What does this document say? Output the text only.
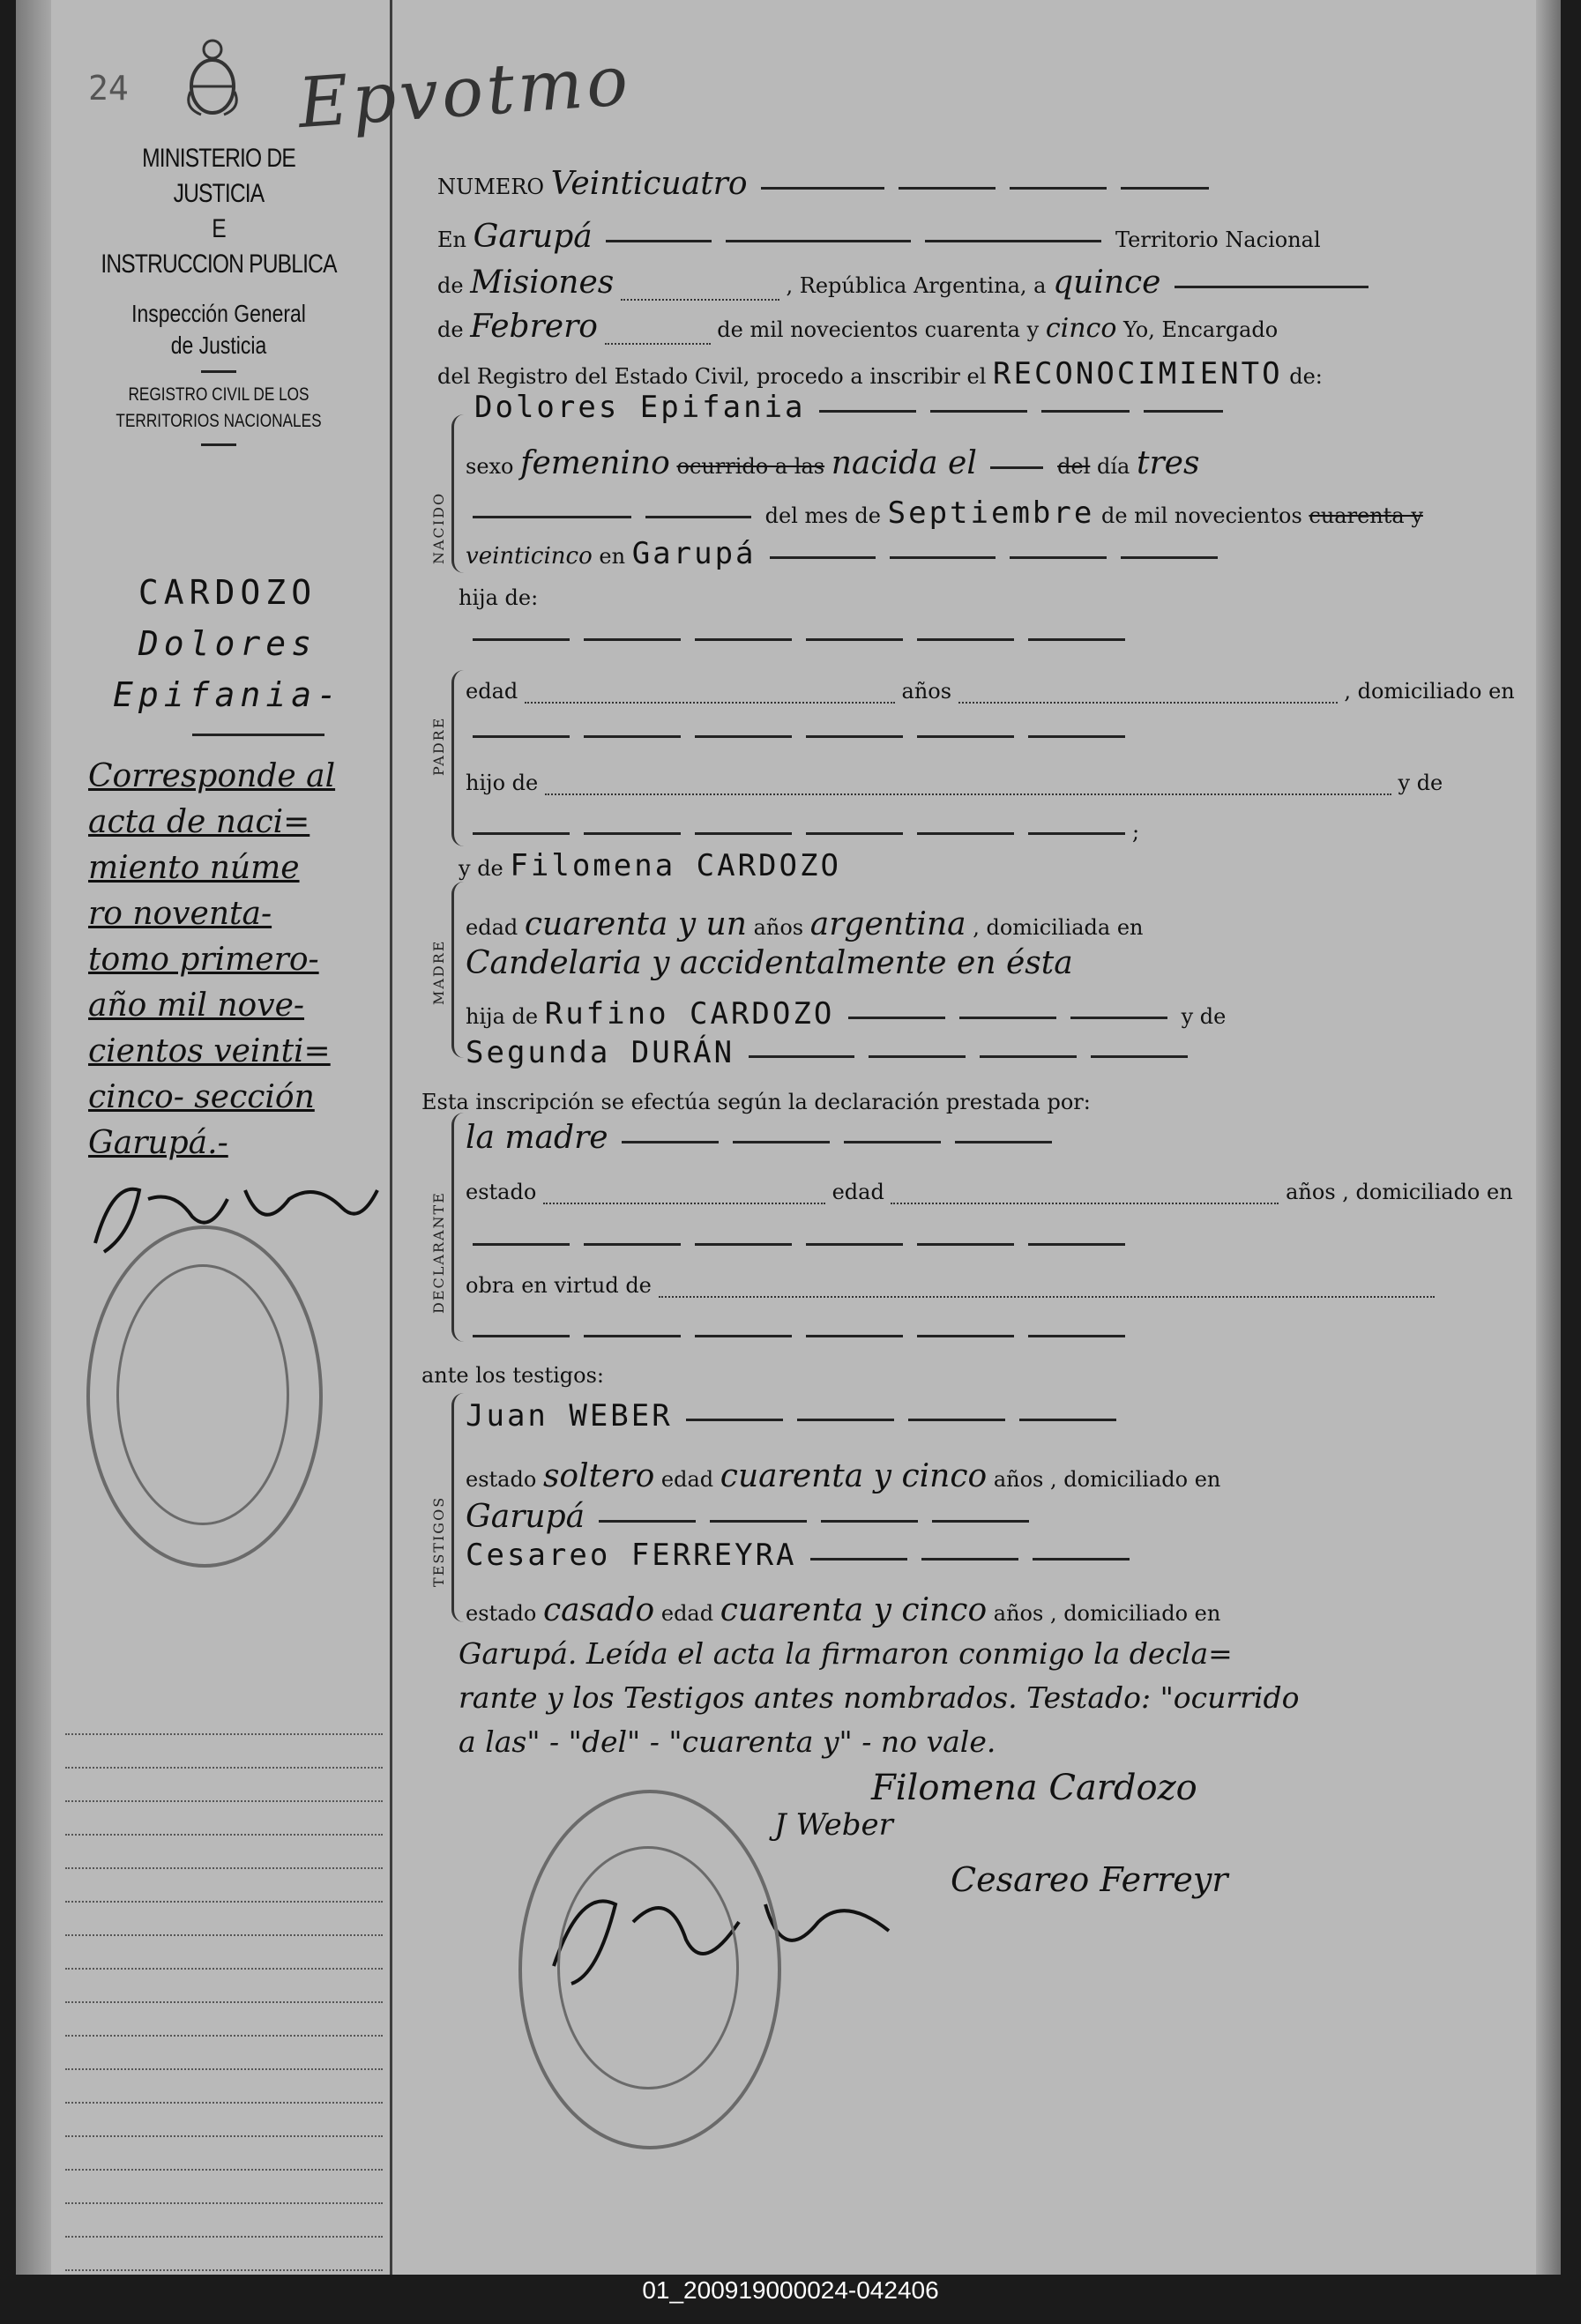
24
MINISTERIO DE JUSTICIA
E
INSTRUCCION PUBLICA
Inspección General
de Justicia
REGISTRO CIVIL DE LOS
TERRITORIOS NACIONALES
CARDOZO
Dolores
Epifania-
Corresponde al
acta de naci=
miento núme
ro noventa-
tomo primero-
año mil nove-
cientos veinti=
cinco- sección
Garupá.-
Epvotmo
NUMERO Veinticuatro
En Garupá	Territorio Nacional
de Misiones	, República Argentina, a quince
de Febrero	de mil novecientos cuarenta y cinco Yo, Encargado
del Registro del Estado Civil, procedo a inscribir el RECONOCIMIENTO de:
Dolores Epifania
NACIDO
sexo femenino ocurrido a las nacida el	del día tres
del mes de Septiembre de mil novecientos cuarenta y
veinticinco en Garupá
hija de:
PADRE
edad	años	, domiciliado en
hijo de	y de
;
y de Filomena CARDOZO
MADRE
edad cuarenta y un años argentina , domiciliada en
Candelaria y accidentalmente en ésta
hija de Rufino CARDOZO	y de
Segunda DURÁN
Esta inscripción se efectúa según la declaración prestada por:
DECLARANTE
la madre
estado	edad	años , domiciliado en
obra en virtud de
ante los testigos:
TESTIGOS
Juan WEBER
estado soltero edad cuarenta y cinco años , domiciliado en
Garupá
Cesareo FERREYRA
estado casado edad cuarenta y cinco años , domiciliado en
Garupá. Leída el acta la firmaron conmigo la decla=
rante y los Testigos antes nombrados. Testado: "ocurrido
a las" - "del" - "cuarenta y" - no vale.
Filomena Cardozo
J Weber
Cesareo Ferreyr
01_200919000024-042406
